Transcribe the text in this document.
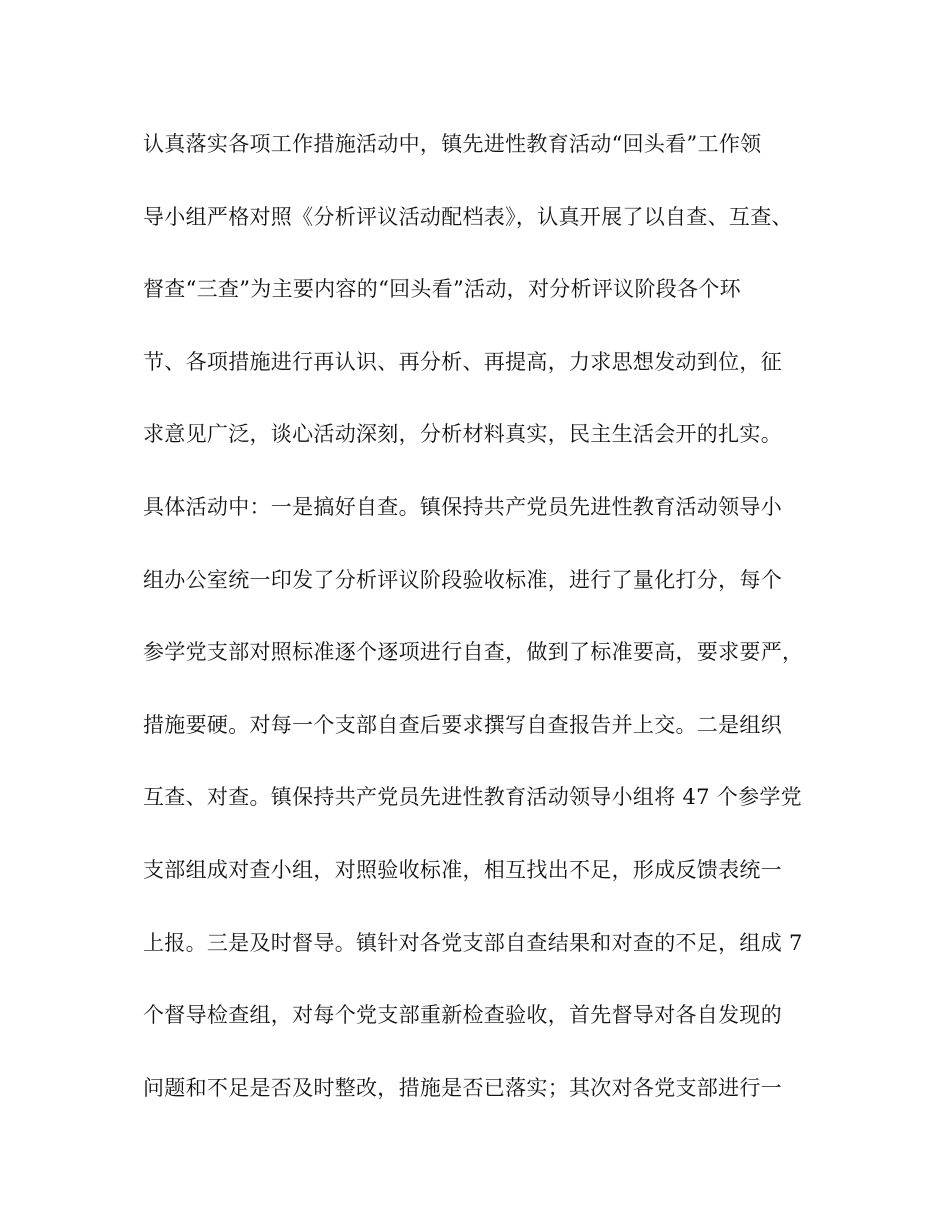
认真落实各项工作措施活动中，镇先进性教育活动“回头看”工作领
导小组严格对照《分析评议活动配档表》，认真开展了以自查、互查、
督查“三查”为主要内容的“回头看”活动，对分析评议阶段各个环
节、各项措施进行再认识、再分析、再提高，力求思想发动到位，征
求意见广泛，谈心活动深刻，分析材料真实，民主生活会开的扎实。
具体活动中：一是搞好自查。镇保持共产党员先进性教育活动领导小
组办公室统一印发了分析评议阶段验收标准，进行了量化打分，每个
参学党支部对照标准逐个逐项进行自查，做到了标准要高，要求要严，
措施要硬。对每一个支部自查后要求撰写自查报告并上交。二是组织
互查、对查。镇保持共产党员先进性教育活动领导小组将 47 个参学党
支部组成对查小组，对照验收标准，相互找出不足，形成反馈表统一
上报。三是及时督导。镇针对各党支部自查结果和对查的不足，组成 7
个督导检查组，对每个党支部重新检查验收，首先督导对各自发现的
问题和不足是否及时整改，措施是否已落实；其次对各党支部进行一
